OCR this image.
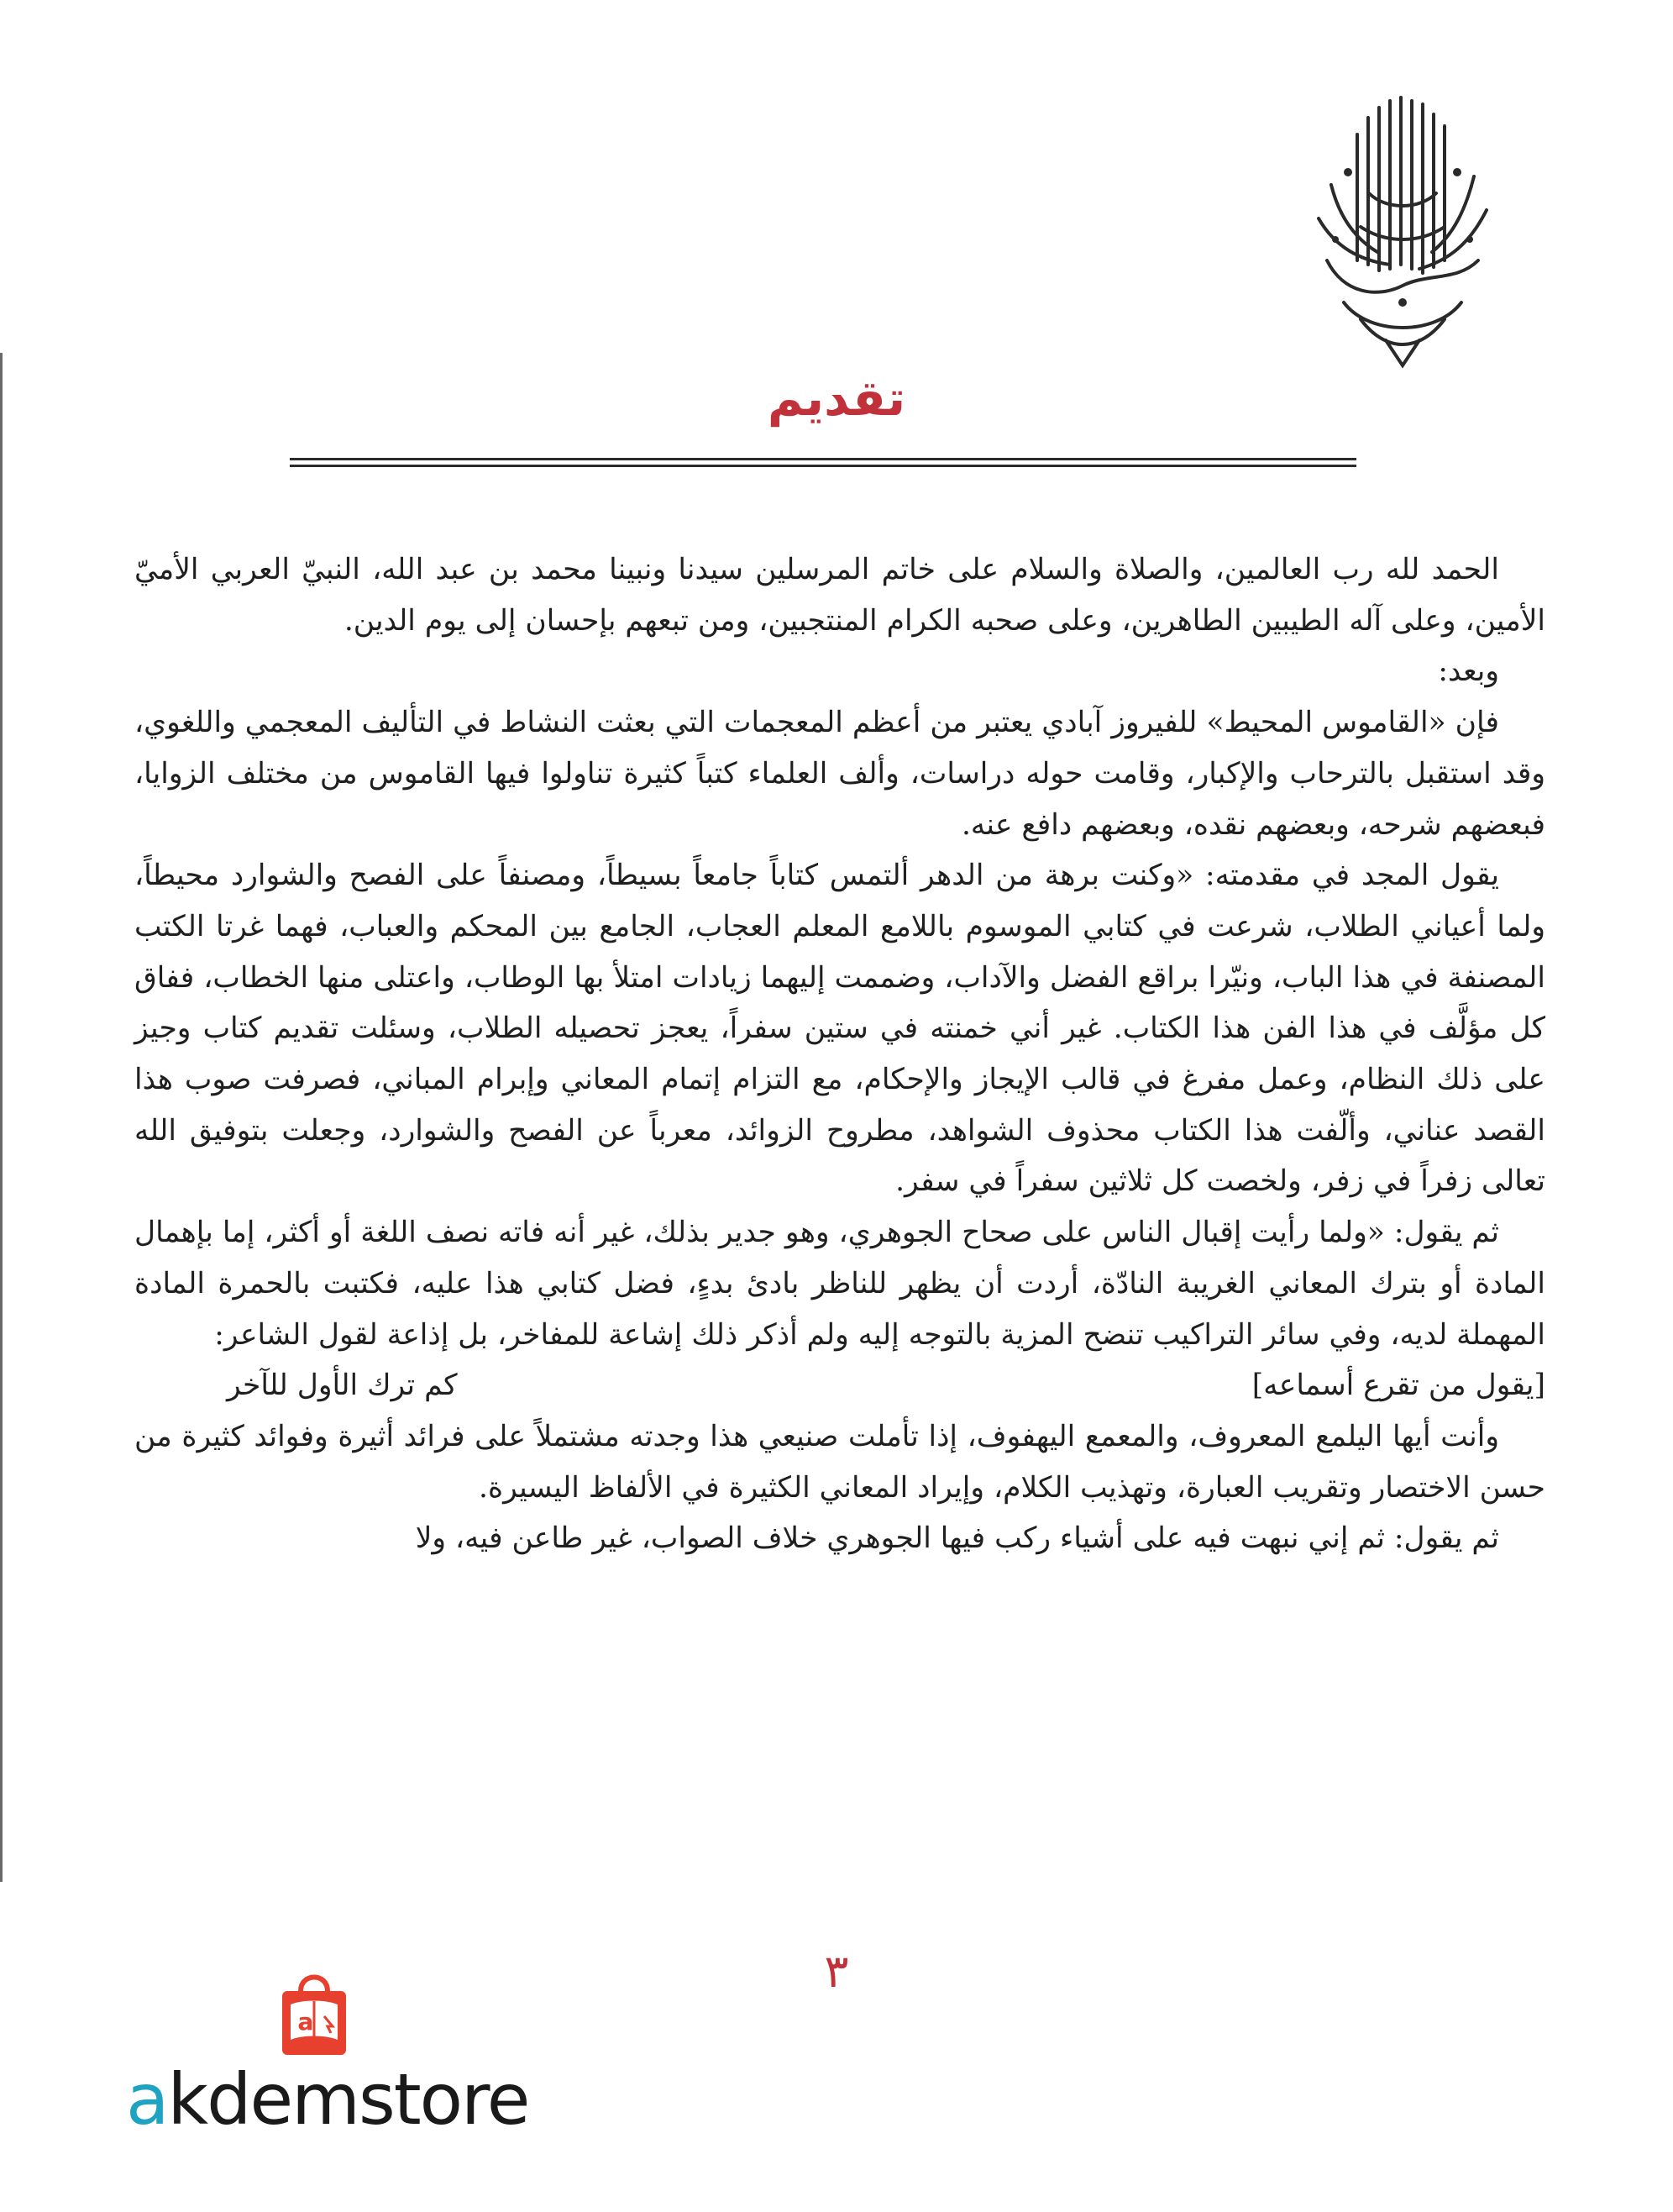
تقديم

الحمد لله رب العالمين، والصلاة والسلام على خاتم المرسلين سيدنا ونبينا محمد بن عبد الله، النبيّ العربي الأميّ الأمين، وعلى آله الطيبين الطاهرين، وعلى صحبه الكرام المنتجبين، ومن تبعهم بإحسان إلى يوم الدين.

وبعد:

فإن «القاموس المحيط» للفيروز آبادي يعتبر من أعظم المعجمات التي بعثت النشاط في التأليف المعجمي واللغوي، وقد استقبل بالترحاب والإكبار، وقامت حوله دراسات، وألف العلماء كتباً كثيرة تناولوا فيها القاموس من مختلف الزوايا، فبعضهم شرحه، وبعضهم نقده، وبعضهم دافع عنه.

يقول المجد في مقدمته: «وكنت برهة من الدهر ألتمس كتاباً جامعاً بسيطاً، ومصنفاً على الفصح والشوارد محيطاً، ولما أعياني الطلاب، شرعت في كتابي الموسوم باللامع المعلم العجاب، الجامع بين المحكم والعباب، فهما غرتا الكتب المصنفة في هذا الباب، ونيّرا براقع الفضل والآداب، وضممت إليهما زيادات امتلأ بها الوطاب، واعتلى منها الخطاب، ففاق كل مؤلَّف في هذا الفن هذا الكتاب. غير أني خمنته في ستين سفراً، يعجز تحصيله الطلاب، وسئلت تقديم كتاب وجيز على ذلك النظام، وعمل مفرغ في قالب الإيجاز والإحكام، مع التزام إتمام المعاني وإبرام المباني، فصرفت صوب هذا القصد عناني، وألّفت هذا الكتاب محذوف الشواهد، مطروح الزوائد، معرباً عن الفصح والشوارد، وجعلت بتوفيق الله تعالى زفراً في زفر، ولخصت كل ثلاثين سفراً في سفر.

ثم يقول: «ولما رأيت إقبال الناس على صحاح الجوهري، وهو جدير بذلك، غير أنه فاته نصف اللغة أو أكثر، إما بإهمال المادة أو بترك المعاني الغريبة النادّة، أردت أن يظهر للناظر بادئ بدءٍ، فضل كتابي هذا عليه، فكتبت بالحمرة المادة المهملة لديه، وفي سائر التراكيب تنضح المزية بالتوجه إليه ولم أذكر ذلك إشاعة للمفاخر، بل إذاعة لقول الشاعر:

[يقول من تقرع أسماعه]
كم ترك الأول للآخر

وأنت أيها اليلمع المعروف، والمعمع اليهفوف، إذا تأملت صنيعي هذا وجدته مشتملاً على فرائد أثيرة وفوائد كثيرة من حسن الاختصار وتقريب العبارة، وتهذيب الكلام، وإيراد المعاني الكثيرة في الألفاظ اليسيرة.

ثم يقول: ثم إني نبهت فيه على أشياء ركب فيها الجوهري خلاف الصواب، غير طاعن فيه، ولا

٣
a
akdemstore
